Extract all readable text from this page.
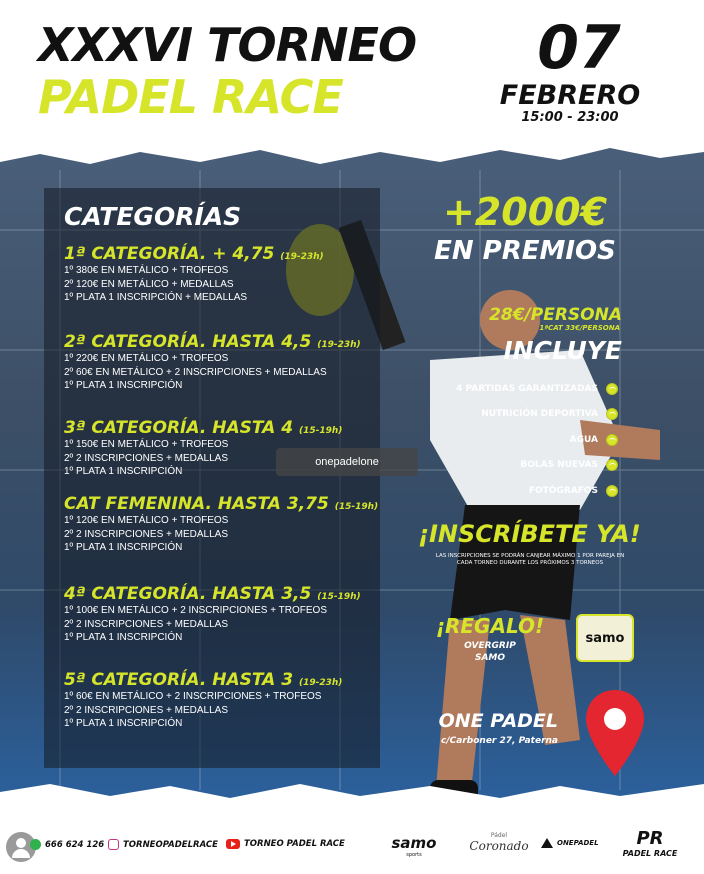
XXXVI TORNEO
PADEL RACE
07
FEBRERO
15:00 - 23:00
CATEGORÍAS
1ª CATEGORÍA. + 4,75 (19-23h)
1º 380€ EN METÁLICO + TROFEOS
2º 120€ EN METÁLICO + MEDALLAS
1º PLATA 1 INSCRIPCIÓN + MEDALLAS
2ª CATEGORÍA. HASTA 4,5 (19-23h)
1º 220€ EN METÁLICO + TROFEOS
2º 60€ EN METÁLICO + 2 INSCRIPCIONES + MEDALLAS
1º PLATA 1 INSCRIPCIÓN
3ª CATEGORÍA. HASTA 4 (15-19h)
1º 150€ EN METÁLICO + TROFEOS
2º 2 INSCRIPCIONES + MEDALLAS
1º PLATA 1 INSCRIPCIÓN
CAT FEMENINA. HASTA 3,75 (15-19h)
1º 120€ EN METÁLICO + TROFEOS
2º 2 INSCRIPCIONES + MEDALLAS
1º PLATA 1 INSCRIPCIÓN
4ª CATEGORÍA. HASTA 3,5 (15-19h)
1º 100€ EN METÁLICO + 2 INSCRIPCIONES + TROFEOS
2º 2 INSCRIPCIONES + MEDALLAS
1º PLATA 1 INSCRIPCIÓN
5ª CATEGORÍA. HASTA 3 (19-23h)
1º 60€ EN METÁLICO + 2 INSCRIPCIONES + TROFEOS
2º 2 INSCRIPCIONES + MEDALLAS
1º PLATA 1 INSCRIPCIÓN
+2000€
EN PREMIOS
28€/PERSONA
1ªCAT 33€/PERSONA
INCLUYE
4 PARTIDAS GARANTIZADAS
NUTRICIÓN DEPORTIVA
AGUA
BOLAS NUEVAS
FOTÓGRAFOS
¡INSCRÍBETE YA!
LAS INSCRIPCIONES SE PODRÁN CANJEAR MÁXIMO 1 POR PAREJA EN CADA TORNEO DURANTE LOS PRÓXIMOS 3 TORNEOS
¡REGALO!
OVERGRIP
SAMO
samo
ONE PADEL
c/Carboner 27, Paterna
onepadelone
666 624 126 TORNEOPADELRACE	TORNEO PADEL RACE	samo
sports
Pádel
Coronado	ONEPADEL	PR
PADEL RACE
